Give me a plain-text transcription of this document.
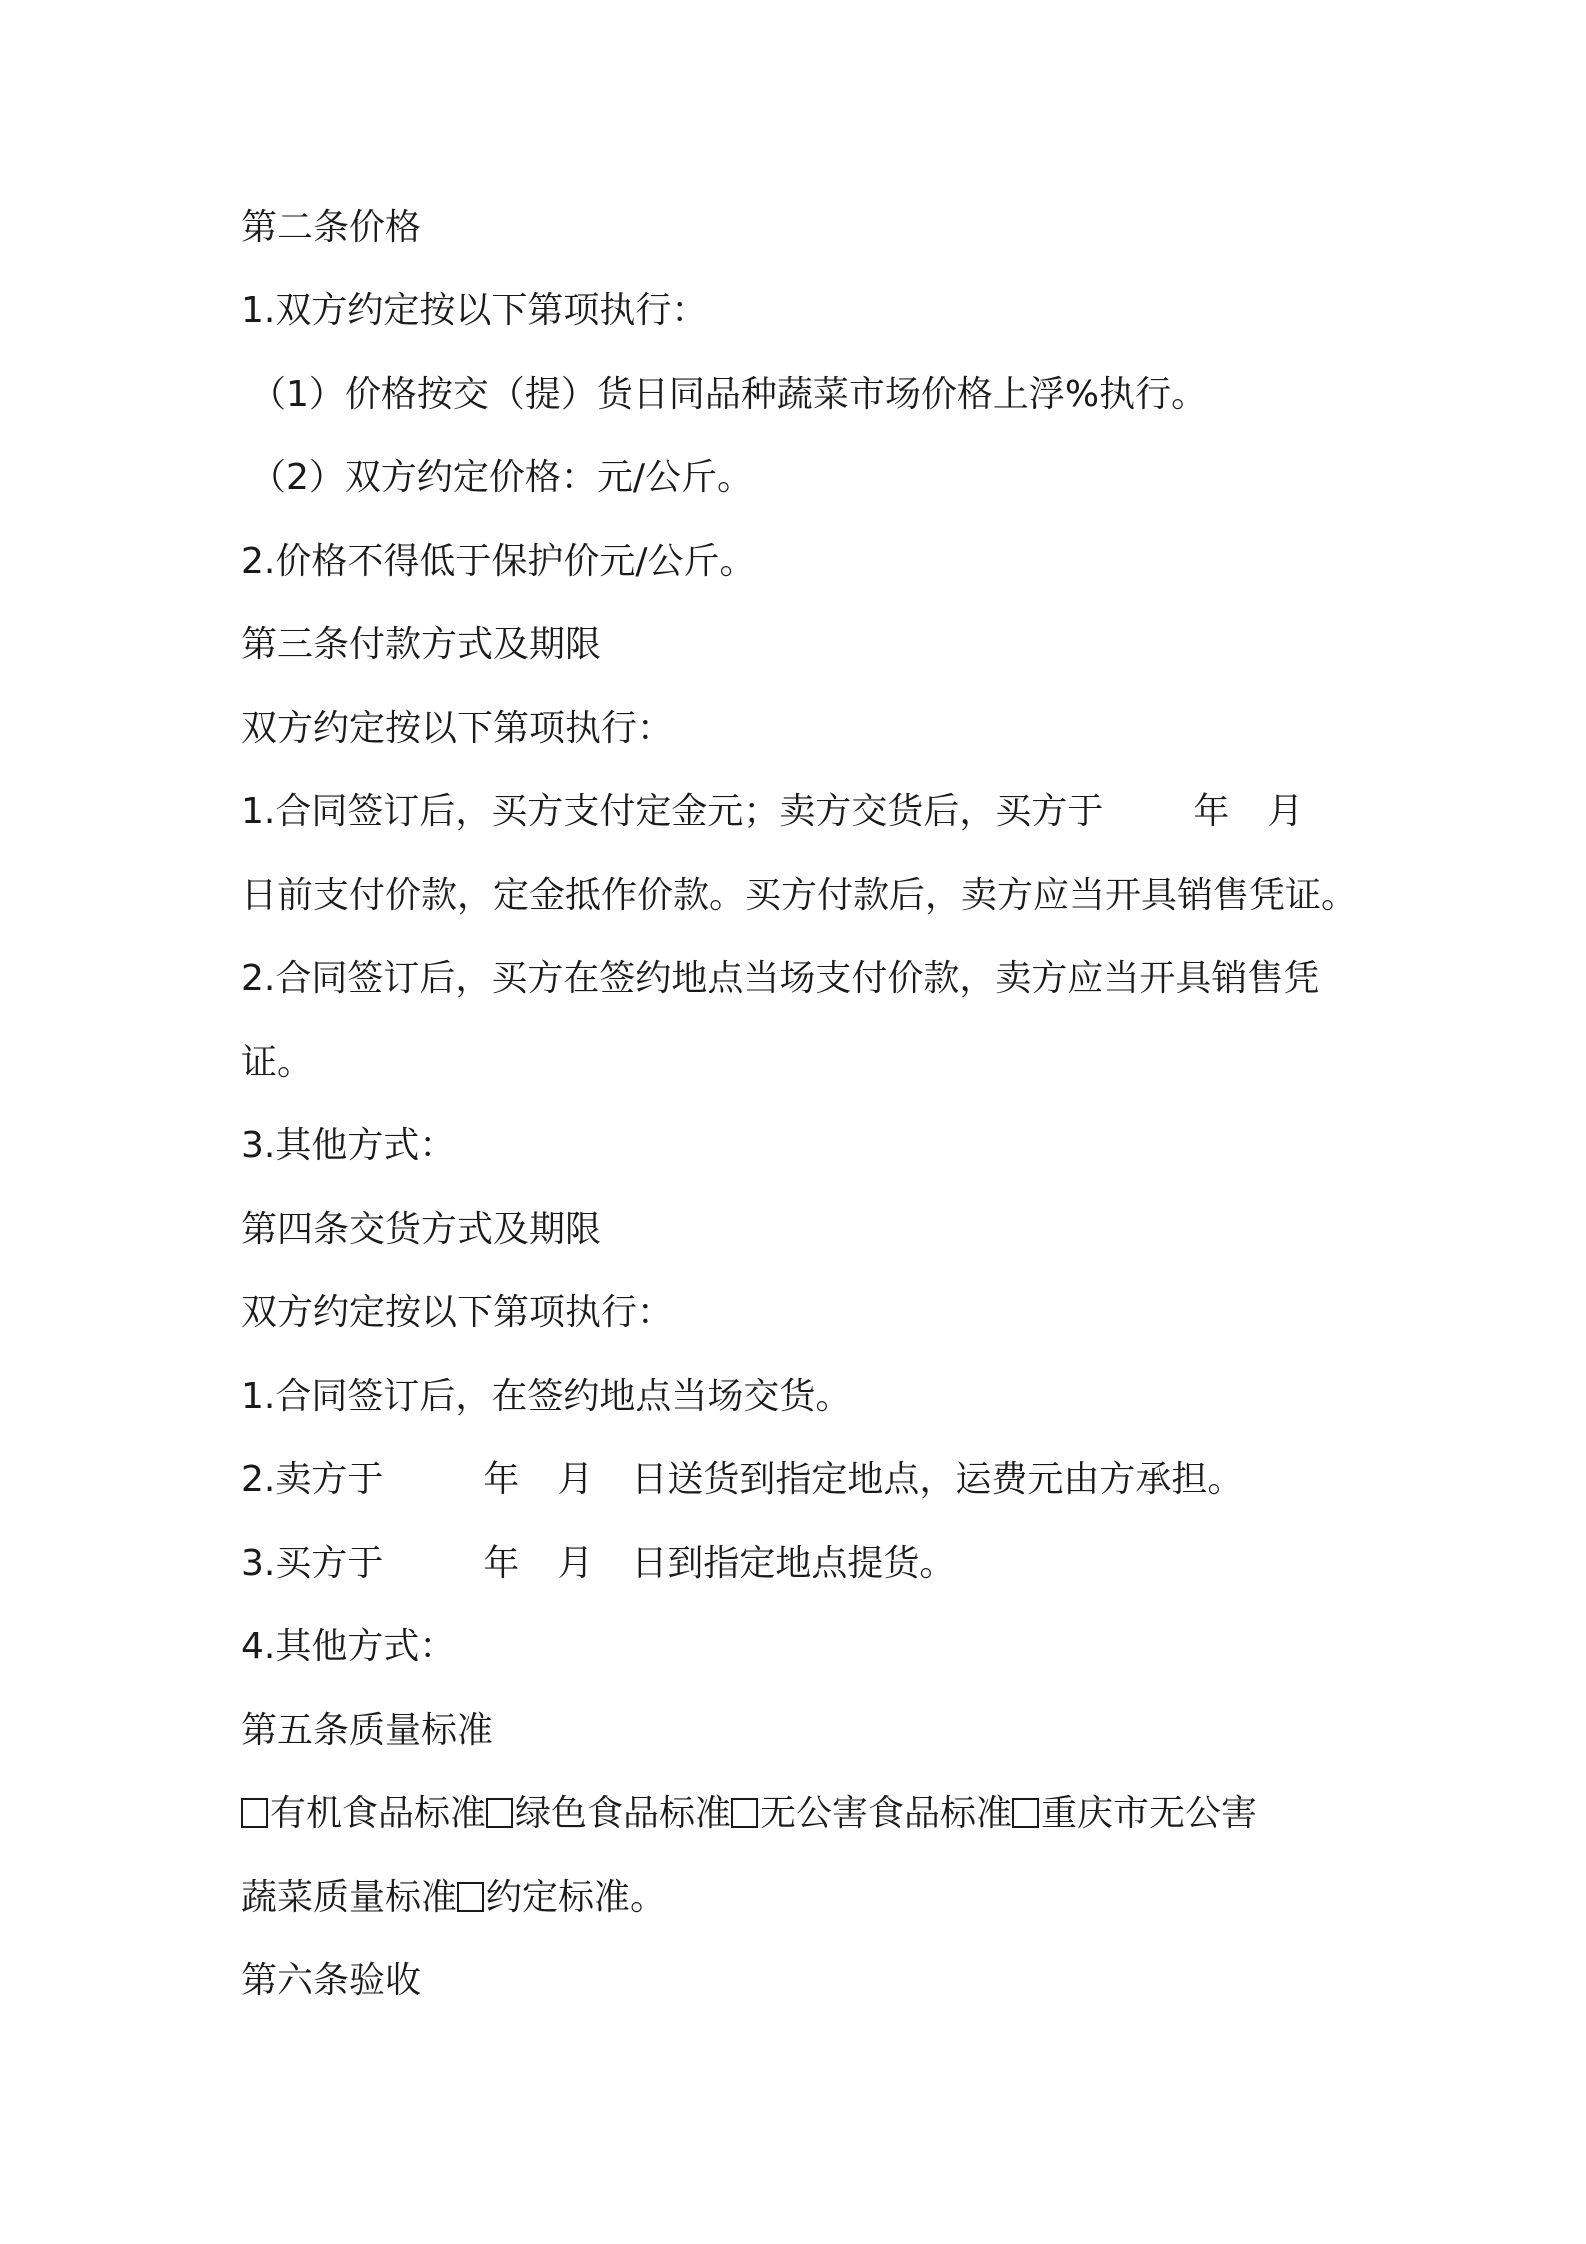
第二条价格
1.双方约定按以下第项执行：
（1）价格按交（提）货日同品种蔬菜市场价格上浮%执行。
（2）双方约定价格：元/公斤。
2.价格不得低于保护价元/公斤。
第三条付款方式及期限
双方约定按以下第项执行：
1.合同签订后，买方支付定金元；卖方交货后，买方于	年 月
日前支付价款，定金抵作价款。买方付款后，卖方应当开具销售凭证。
2.合同签订后，买方在签约地点当场支付价款，卖方应当开具销售凭
证。
3.其他方式：
第四条交货方式及期限
双方约定按以下第项执行：
1.合同签订后，在签约地点当场交货。
2.卖方于	年 月 日送货到指定地点，运费元由方承担。
3.买方于	年 月 日到指定地点提货。
4.其他方式：
第五条质量标准
有机食品标准 绿色食品标准 无公害食品标准 重庆市无公害
蔬菜质量标准 约定标准。
第六条验收
